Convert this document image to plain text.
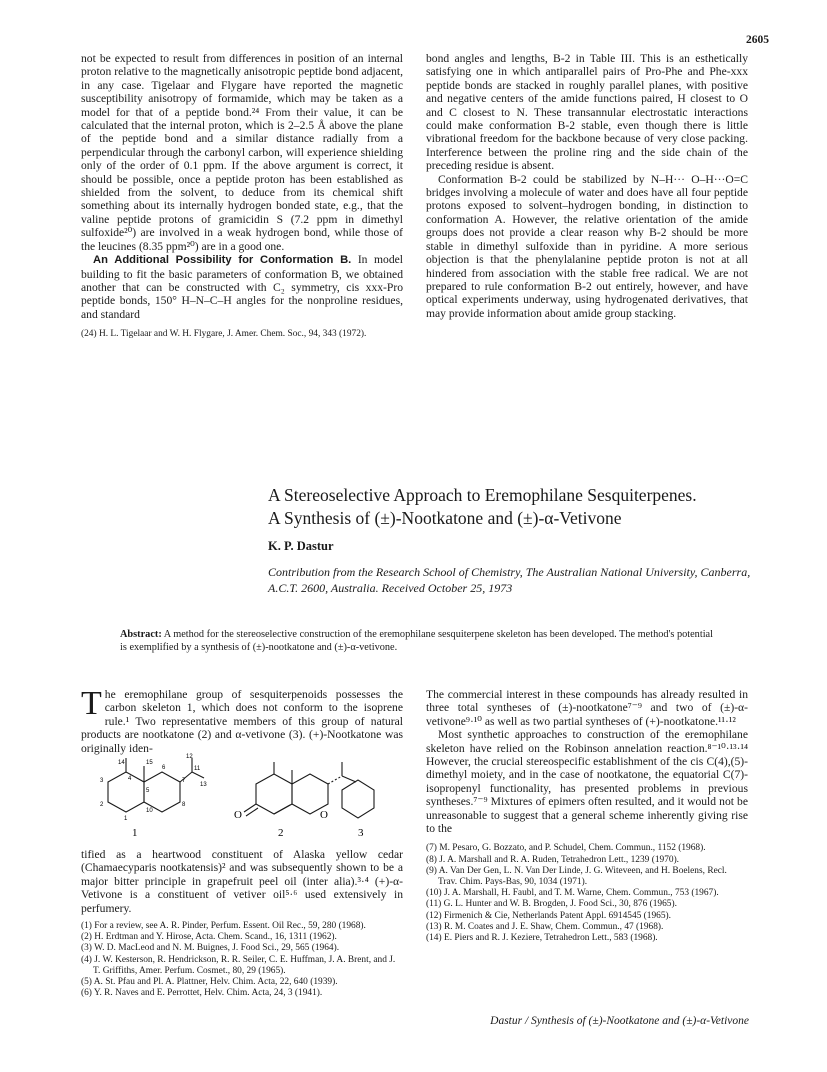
2605

not be expected to result from differences in position of an internal proton relative to the magnetically anisotropic peptide bond adjacent, in any case. Tigelaar and Flygare have reported the magnetic susceptibility anisotropy of formamide, which may be taken as a model for that of a peptide bond.²⁴ From their value, it can be calculated that the internal proton, which is 2–2.5 Å above the plane of the peptide bond and a similar distance radially from a perpendicular through the carbonyl carbon, will experience shielding only of the order of 0.1 ppm. If the above argument is correct, it should be possible, once a peptide proton has been established as shielded from the solvent, to deduce from its chemical shift something about its internally hydrogen bonded state, e.g., that the valine peptide protons of gramicidin S (7.2 ppm in dimethyl sulfoxide²⁰) are involved in a weak hydrogen bond, while those of the leucines (8.35 ppm²⁰) are in a good one.

An Additional Possibility for Conformation B. In model building to fit the basic parameters of conformation B, we obtained another that can be constructed with C₂ symmetry, cis xxx-Pro peptide bonds, 150° H–N–C–H angles for the nonproline residues, and standard

(24) H. L. Tigelaar and W. H. Flygare, J. Amer. Chem. Soc., 94, 343 (1972).

bond angles and lengths, B-2 in Table III. This is an esthetically satisfying one in which antiparallel pairs of Pro-Phe and Phe-xxx peptide bonds are stacked in roughly parallel planes, with positive and negative centers of the amide functions paired, H closest to O and C closest to N. These transannular electrostatic interactions could make conformation B-2 stable, even though there is little vibrational freedom for the backbone because of very close packing. Interference between the proline ring and the side chain of the preceding residue is absent.

Conformation B-2 could be stabilized by N–H··· O–H···O=C bridges involving a molecule of water and does have all four peptide protons exposed to solvent–hydrogen bonding, in distinction to conformation A. However, the relative orientation of the amide groups does not provide a clear reason why B-2 should be more stable in dimethyl sulfoxide than in pyridine. A more serious objection is that the phenylalanine peptide proton is not at all hindered from association with the stable free radical. We are not prepared to rule conformation B-2 out entirely, however, and have optical experiments underway, using hydrogenated derivatives, that may provide information about amide group stacking.

A Stereoselective Approach to Eremophilane Sesquiterpenes.
A Synthesis of (±)-Nootkatone and (±)-α-Vetivone
K. P. Dastur
Contribution from the Research School of Chemistry, The Australian National University, Canberra, A.C.T. 2600, Australia. Received October 25, 1973
Abstract: A method for the stereoselective construction of the eremophilane sesquiterpene skeleton has been developed. The method's potential is exemplified by a synthesis of (±)-nootkatone and (±)-α-vetivone.

The eremophilane group of sesquiterpenoids possesses the carbon skeleton 1, which does not conform to the isoprene rule.¹ Two representative members of this group of natural products are nootkatone (2) and α-vetivone (3). (+)-Nootkatone was originally iden-

1	2	3
O	O
14	15
4
5
6
7
8
10
11
12
13
3
2
1

tified as a heartwood constituent of Alaska yellow cedar (Chamaecyparis nootkatensis)² and was subsequently shown to be a major bitter principle in grapefruit peel oil (inter alia).³·⁴ (+)-α-Vetivone is a constituent of vetiver oil⁵·⁶ used extensively in perfumery.

(1) For a review, see A. R. Pinder, Perfum. Essent. Oil Rec., 59, 280 (1968).
(2) H. Erdtman and Y. Hirose, Acta. Chem. Scand., 16, 1311 (1962).
(3) W. D. MacLeod and N. M. Buignes, J. Food Sci., 29, 565 (1964).
(4) J. W. Kesterson, R. Hendrickson, R. R. Seiler, C. E. Huffman, J. A. Brent, and J. T. Griffiths, Amer. Perfum. Cosmet., 80, 29 (1965).
(5) A. St. Pfau and Pl. A. Plattner, Helv. Chim. Acta, 22, 640 (1939).
(6) Y. R. Naves and E. Perrottet, Helv. Chim. Acta, 24, 3 (1941).

The commercial interest in these compounds has already resulted in three total syntheses of (±)-nootkatone⁷⁻⁹ and two of (±)-α-vetivone⁹·¹⁰ as well as two partial syntheses of (+)-nootkatone.¹¹·¹²

Most synthetic approaches to construction of the eremophilane skeleton have relied on the Robinson annelation reaction.⁸⁻¹⁰·¹³·¹⁴ However, the crucial stereospecific establishment of the cis C(4),(5)-dimethyl moiety, and in the case of nootkatone, the equatorial C(7)-isopropenyl functionality, has presented problems in previous syntheses.⁷⁻⁹ Mixtures of epimers often resulted, and it would not be unreasonable to suggest that a general scheme inherently giving rise to the

(7) M. Pesaro, G. Bozzato, and P. Schudel, Chem. Commun., 1152 (1968).
(8) J. A. Marshall and R. A. Ruden, Tetrahedron Lett., 1239 (1970).
(9) A. Van Der Gen, L. N. Van Der Linde, J. G. Witeveen, and H. Boelens, Recl. Trav. Chim. Pays-Bas, 90, 1034 (1971).
(10) J. A. Marshall, H. Faubl, and T. M. Warne, Chem. Commun., 753 (1967).
(11) G. L. Hunter and W. B. Brogden, J. Food Sci., 30, 876 (1965).
(12) Firmenich & Cie, Netherlands Patent Appl. 6914545 (1965).
(13) R. M. Coates and J. E. Shaw, Chem. Commun., 47 (1968).
(14) E. Piers and R. J. Keziere, Tetrahedron Lett., 583 (1968).
Dastur / Synthesis of (±)-Nootkatone and (±)-α-Vetivone
